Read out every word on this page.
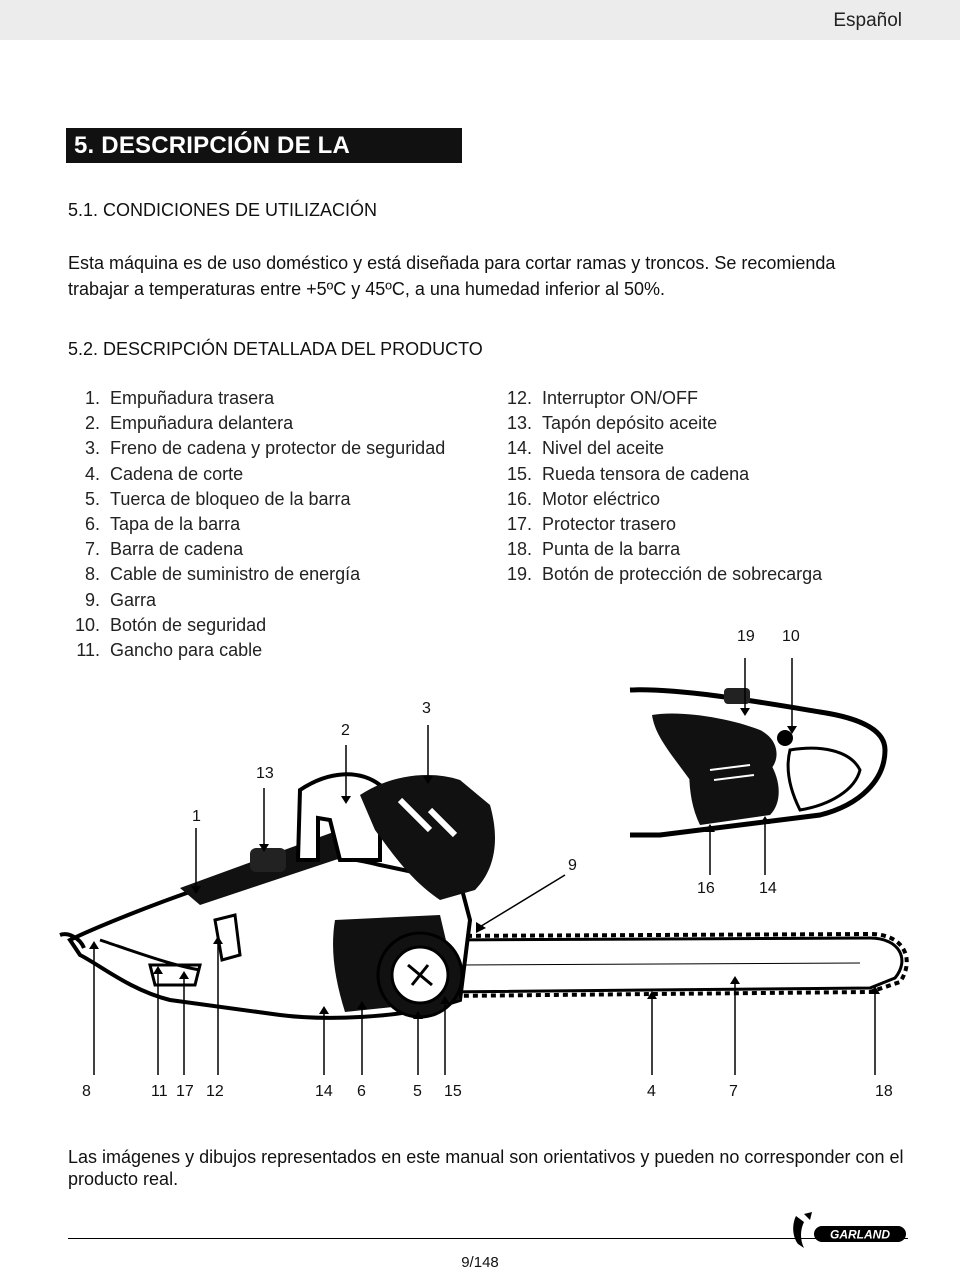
Español
5. DESCRIPCIÓN DE LA MÁQUINA
5.1. CONDICIONES DE UTILIZACIÓN
Esta máquina es de uso doméstico y está diseñada para cortar ramas y troncos. Se recomienda trabajar a temperaturas entre +5ºC y 45ºC, a una humedad inferior al 50%.
5.2. DESCRIPCIÓN DETALLADA DEL PRODUCTO
1. Empuñadura trasera
2. Empuñadura delantera
3. Freno de cadena y protector de seguridad
4. Cadena de corte
5. Tuerca de bloqueo de la barra
6. Tapa de la barra
7. Barra de cadena
8. Cable de suministro de energía
9. Garra
10. Botón de seguridad
11. Gancho para cable
12. Interruptor ON/OFF
13. Tapón depósito aceite
14. Nivel del aceite
15. Rueda tensora de cadena
16. Motor eléctrico
17. Protector trasero
18. Punta de la barra
19. Botón de protección de sobrecarga
19 10
3
2
13
1
9
16	14
8	11 17 12	14 6	5 15	4	7	18
Las imágenes y dibujos representados en este manual son orientativos y pueden no corresponder con el producto real.
GARLAND
9/148
